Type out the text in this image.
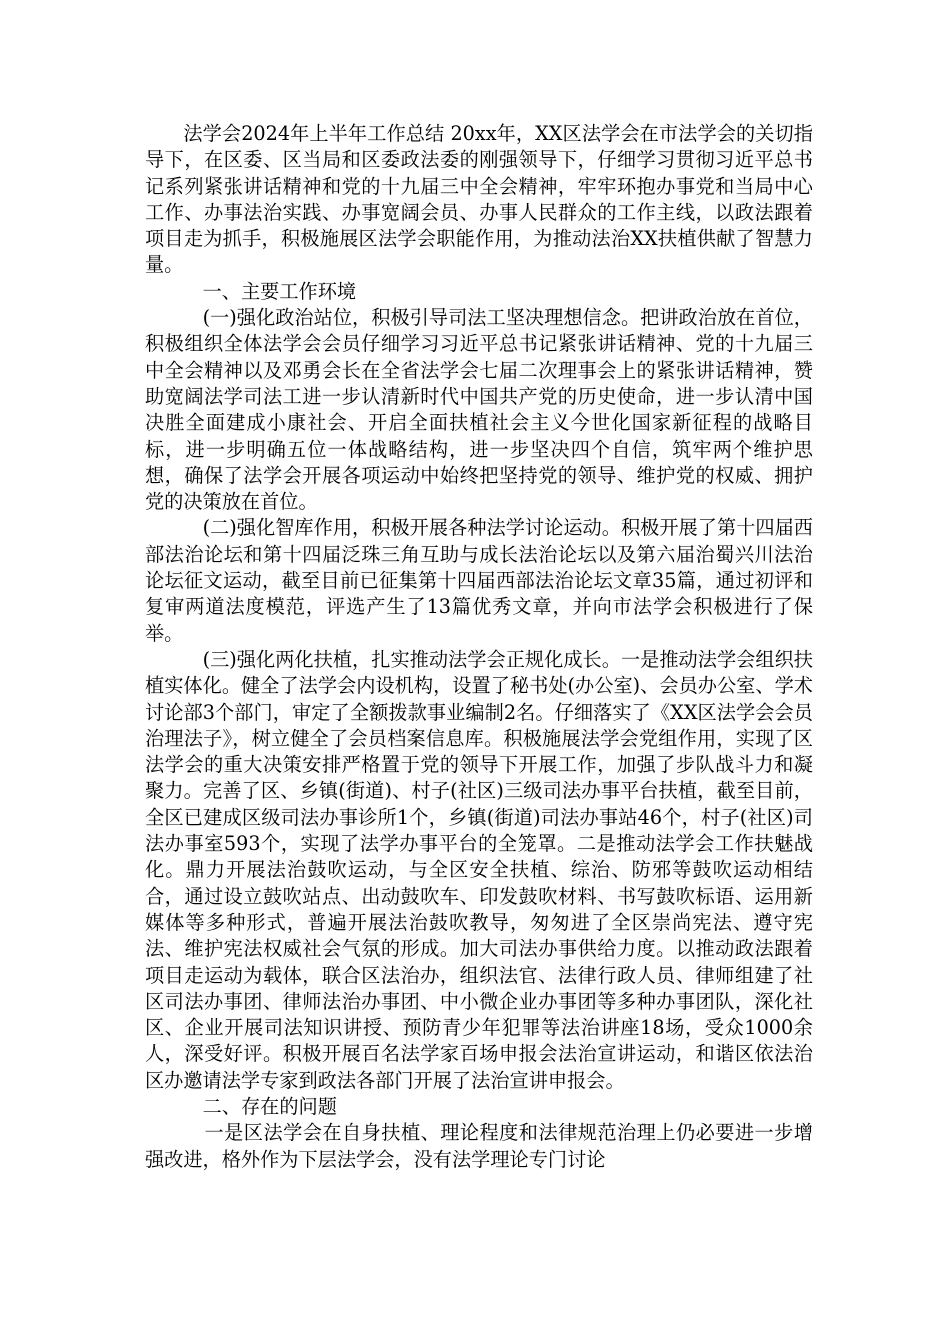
法学会2024年上半年工作总结 20xx年，XX区法学会在市法学会的关切指导下，在区委、区当局和区委政法委的刚强领导下，仔细学习贯彻习近平总书记系列紧张讲话精神和党的十九届三中全会精神，牢牢环抱办事党和当局中心工作、办事法治实践、办事宽阔会员、办事人民群众的工作主线，以政法跟着项目走为抓手，积极施展区法学会职能作用，为推动法治XX扶植供献了智慧力量。

一、主要工作环境

(一)强化政治站位，积极引导司法工坚决理想信念。把讲政治放在首位，积极组织全体法学会会员仔细学习习近平总书记紧张讲话精神、党的十九届三中全会精神以及邓勇会长在全省法学会七届二次理事会上的紧张讲话精神，赞助宽阔法学司法工进一步认清新时代中国共产党的历史使命，进一步认清中国决胜全面建成小康社会、开启全面扶植社会主义今世化国家新征程的战略目标，进一步明确五位一体战略结构，进一步坚决四个自信，筑牢两个维护思想，确保了法学会开展各项运动中始终把坚持党的领导、维护党的权威、拥护党的决策放在首位。

(二)强化智库作用，积极开展各种法学讨论运动。积极开展了第十四届西部法治论坛和第十四届泛珠三角互助与成长法治论坛以及第六届治蜀兴川法治论坛征文运动，截至目前已征集第十四届西部法治论坛文章35篇，通过初评和复审两道法度模范，评选产生了13篇优秀文章，并向市法学会积极进行了保举。

(三)强化两化扶植，扎实推动法学会正规化成长。一是推动法学会组织扶植实体化。健全了法学会内设机构，设置了秘书处(办公室)、会员办公室、学术讨论部3个部门，审定了全额拨款事业编制2名。仔细落实了《XX区法学会会员治理法子》，树立健全了会员档案信息库。积极施展法学会党组作用，实现了区法学会的重大决策安排严格置于党的领导下开展工作，加强了步队战斗力和凝聚力。完善了区、乡镇(街道)、村子(社区)三级司法办事平台扶植，截至目前，全区已建成区级司法办事诊所1个，乡镇(街道)司法办事站46个，村子(社区)司法办事室593个，实现了法学办事平台的全笼罩。二是推动法学会工作扶魅战化。鼎力开展法治鼓吹运动，与全区安全扶植、综治、防邪等鼓吹运动相结合，通过设立鼓吹站点、出动鼓吹车、印发鼓吹材料、书写鼓吹标语、运用新媒体等多种形式，普遍开展法治鼓吹教导，匆匆进了全区崇尚宪法、遵守宪法、维护宪法权威社会气氛的形成。加大司法办事供给力度。以推动政法跟着项目走运动为载体，联合区法治办，组织法官、法律行政人员、律师组建了社区司法办事团、律师法治办事团、中小微企业办事团等多种办事团队，深化社区、企业开展司法知识讲授、预防青少年犯罪等法治讲座18场，受众1000余人，深受好评。积极开展百名法学家百场申报会法治宣讲运动，和谐区依法治区办邀请法学专家到政法各部门开展了法治宣讲申报会。

二、存在的问题

一是区法学会在自身扶植、理论程度和法律规范治理上仍必要进一步增强改进，格外作为下层法学会，没有法学理论专门讨论
